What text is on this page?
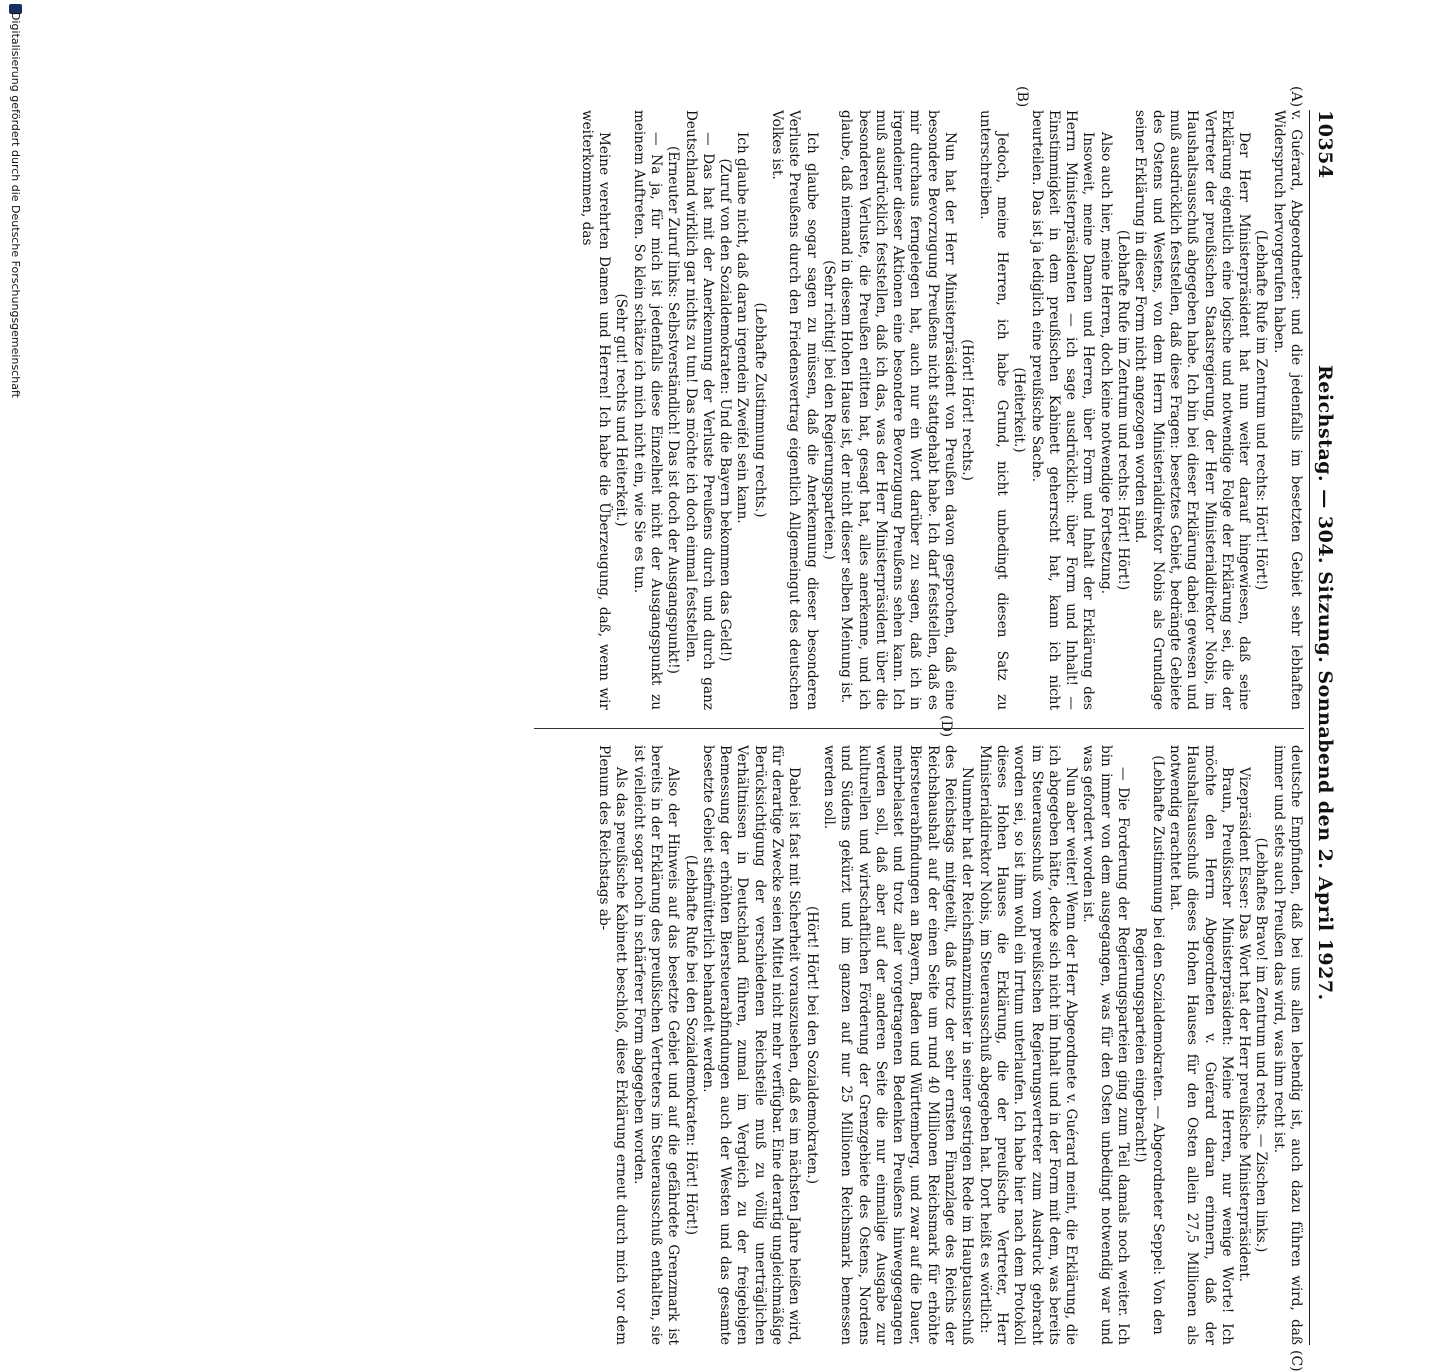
10354
Reichstag. — 304. Sitzung. Sonnabend den 2. April 1927.
(A)
(B)
(C)
(D)

v. Guérard, Abgeordneter: und die jedenfalls im besetzten Gebiet sehr lebhaften Widerspruch hervorgerufen haben.

(Lebhafte Rufe im Zentrum und rechts: Hört! Hört!)

Der Herr Ministerpräsident hat nun weiter darauf hingewiesen, daß seine Erklärung eigentlich eine logische und notwendige Folge der Erklärung sei, die der Vertreter der preußischen Staatsregierung, der Herr Ministerialdirektor Nobis, im Haushaltsausschuß abgegeben habe. Ich bin bei dieser Erklärung dabei gewesen und muß ausdrücklich feststellen, daß diese Fragen: besetztes Gebiet, bedrängte Gebiete des Ostens und Westens, von dem Herrn Ministerialdirektor Nobis als Grundlage seiner Erklärung in dieser Form nicht angezogen worden sind.

(Lebhafte Rufe im Zentrum und rechts: Hört! Hört!)

Also auch hier, meine Herren, doch keine notwendige Fortsetzung.

Insoweit, meine Damen und Herren, über Form und Inhalt der Erklärung des Herrn Ministerpräsidenten — ich sage ausdrücklich: über Form und Inhalt! — Einstimmigkeit in dem preußischen Kabinett geherrscht hat, kann ich nicht beurteilen. Das ist ja lediglich eine preußische Sache.

(Heiterkeit.)

Jedoch, meine Herren, ich habe Grund, nicht unbedingt diesen Satz zu unterschreiben.

(Hört! Hört! rechts.)

Nun hat der Herr Ministerpräsident von Preußen davon gesprochen, daß eine besondere Bevorzugung Preußens nicht stattgehabt habe. Ich darf feststellen, daß es mir durchaus ferngelegen hat, auch nur ein Wort darüber zu sagen, daß ich in irgendeiner dieser Aktionen eine besondere Bevorzugung Preußens sehen kann. Ich muß ausdrücklich feststellen, daß ich das, was der Herr Ministerpräsident über die besonderen Verluste, die Preußen erlitten hat, gesagt hat, alles anerkenne, und ich glaube, daß niemand in diesem Hohen Hause ist, der nicht dieser selben Meinung ist.

(Sehr richtig! bei den Regierungsparteien.)

Ich glaube sogar sagen zu müssen, daß die Anerkennung dieser besonderen Verluste Preußens durch den Friedensvertrag eigentlich Allgemeingut des deutschen Volkes ist.

(Lebhafte Zustimmung rechts.)

Ich glaube nicht, daß daran irgendein Zweifel sein kann.

(Zuruf von den Sozialdemokraten: Und die Bayern bekommen das Geld!)

— Das hat mit der Anerkennung der Verluste Preußens durch und durch ganz Deutschland wirklich gar nichts zu tun! Das möchte ich doch einmal feststellen.

(Erneuter Zuruf links: Selbstverständlich! Das ist doch der Ausgangspunkt!)

— Na ja, für mich ist jedenfalls diese Einzelheit nicht der Ausgangspunkt zu meinem Auftreten. So klein schätze ich mich nicht ein, wie Sie es tun.

(Sehr gut! rechts und Heiterkeit.)

Meine verehrten Damen und Herren! Ich habe die Überzeugung, daß, wenn wir weiterkommen, das

deutsche Empfinden, daß bei uns allen lebendig ist, auch dazu führen wird, daß immer und stets auch Preußen das wird, was ihm recht ist.

(Lebhaftes Bravo! im Zentrum und rechts. — Zischen links.)

Vizepräsident Esser: Das Wort hat der Herr preußische Ministerpräsident.

Braun, Preußischer Ministerpräsident: Meine Herren, nur wenige Worte! Ich möchte den Herrn Abgeordneten v. Guérard daran erinnern, daß der Haushaltsausschuß dieses Hohen Hauses für den Osten allein 27,5 Millionen als notwendig erachtet hat.

(Lebhafte Zustimmung bei den Sozialdemokraten. — Abgeordneter Seppel: Von den Regierungsparteien eingebracht!)

— Die Forderung der Regierungsparteien ging zum Teil damals noch weiter. Ich bin immer von dem ausgegangen, was für den Osten unbedingt notwendig war und was gefordert worden ist.

Nun aber weiter! Wenn der Herr Abgeordnete v. Guérard meint, die Erklärung, die ich abgegeben hätte, decke sich nicht im Inhalt und in der Form mit dem, was bereits im Steuerausschuß vom preußischen Regierungsvertreter zum Ausdruck gebracht worden sei, so ist ihm wohl ein Irrtum unterlaufen. Ich habe hier nach dem Protokoll dieses Hohen Hauses die Erklärung, die der preußische Vertreter, Herr Ministerialdirektor Nobis, im Steuerausschuß abgegeben hat. Dort heißt es wörtlich:

Nunmehr hat der Reichsfinanzminister in seiner gestrigen Rede im Hauptausschuß des Reichstags mitgeteilt, daß trotz der sehr ernsten Finanzlage des Reichs der Reichshaushalt auf der einen Seite um rund 40 Millionen Reichsmark für erhöhte Biersteuerabfindungen an Bayern, Baden und Württemberg, und zwar auf die Dauer, mehrbelastet und trotz aller vorgetragenen Bedenken Preußens hinweggegangen werden soll, daß aber auf der anderen Seite die nur einmalige Ausgabe zur kulturellen und wirtschaftlichen Förderung der Grenzgebiete des Ostens, Nordens und Südens gekürzt und im ganzen auf nur 25 Millionen Reichsmark bemessen werden soll.

(Hört! Hört! bei den Sozialdemokraten.)

Dabei ist fast mit Sicherheit vorauszusehen, daß es im nächsten Jahre heißen wird, für derartige Zwecke seien Mittel nicht mehr verfügbar. Eine derartig ungleichmäßige Berücksichtigung der verschiedenen Reichsteile muß zu völlig unerträglichen Verhältnissen in Deutschland führen, zumal im Vergleich zu der freigebigen Bemessung der erhöhten Biersteuerabfindungen auch der Westen und das gesamte besetzte Gebiet stiefmütterlich behandelt werden.

(Lebhafte Rufe bei den Sozialdemokraten: Hört! Hört!)

Also der Hinweis auf das besetzte Gebiet und auf die gefährdete Grenzmark ist bereits in der Erklärung des preußischen Vertreters im Steuerausschuß enthalten, sie ist vielleicht sogar noch in schärferer Form abgegeben worden.

Als das preußische Kabinett beschloß, diese Erklärung erneut durch mich vor dem Plenum des Reichstags ab-

Digitalisierung gefördert durch die Deutsche Forschungsgemeinschaft
